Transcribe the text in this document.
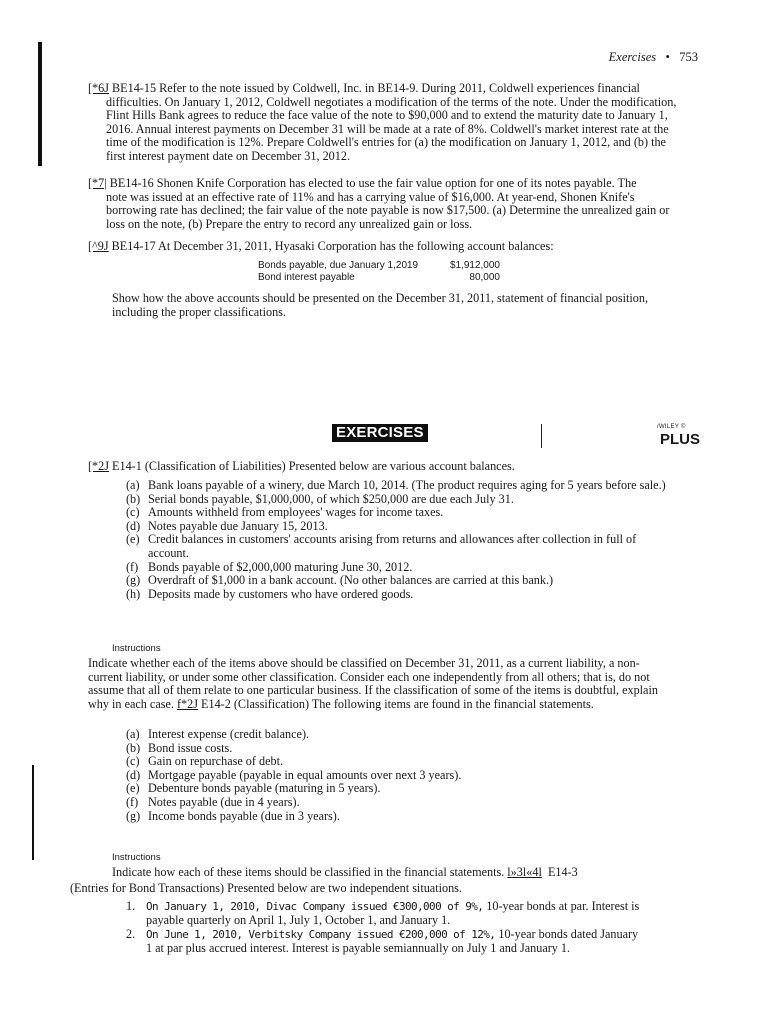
Exercises • 753
[*6J BE14-15 Refer to the note issued by Coldwell, Inc. in BE14-9. During 2011, Coldwell experiences financial
difficulties. On January 1, 2012, Coldwell negotiates a modification of the terms of the note. Under the modification, Flint Hills Bank agrees to reduce the face value of the note to $90,000 and to extend the maturity date to January 1, 2016. Annual interest payments on December 31 will be made at a rate of 8%. Coldwell's market interest rate at the time of the modification is 12%. Prepare Coldwell's entries for (a) the modification on January 1, 2012, and (b) the first interest payment date on December 31, 2012.
[*7| BE14-16 Shonen Knife Corporation has elected to use the fair value option for one of its notes payable. The
note was issued at an effective rate of 11% and has a carrying value of $16,000. At year-end, Shonen Knife's borrowing rate has declined; the fair value of the note payable is now $17,500. (a) Determine the unrealized gain or loss on the note, (b) Prepare the entry to record any unrealized gain or loss.
[^9J BE14-17 At December 31, 2011, Hyasaki Corporation has the following account balances:
Bonds payable, due January 1,2019	$1,912,000
Bond interest payable	80,000
Show how the above accounts should be presented on the December 31, 2011, statement of financial position, including the proper classifications.
EXERCISES	/WILEY ©
PLUS
[*2J E14-1 (Classification of Liabilities) Presented below are various account balances.
(a) Bank loans payable of a winery, due March 10, 2014. (The product requires aging for 5 years before sale.)
(b) Serial bonds payable, $1,000,000, of which $250,000 are due each July 31.
(c) Amounts withheld from employees' wages for income taxes.
(d) Notes payable due January 15, 2013.
(e) Credit balances in customers' accounts arising from returns and allowances after collection in full of account.
(f) Bonds payable of $2,000,000 maturing June 30, 2012.
(g) Overdraft of $1,000 in a bank account. (No other balances are carried at this bank.)
(h) Deposits made by customers who have ordered goods.
Instructions
Indicate whether each of the items above should be classified on December 31, 2011, as a current liability, a non-current liability, or under some other classification. Consider each one independently from all others; that is, do not assume that all of them relate to one particular business. If the classification of some of the items is doubtful, explain why in each case. f*2J E14-2 (Classification) The following items are found in the financial statements.
(a) Interest expense (credit balance).
(b) Bond issue costs.
(c) Gain on repurchase of debt.
(d) Mortgage payable (payable in equal amounts over next 3 years).
(e) Debenture bonds payable (maturing in 5 years).
(f) Notes payable (due in 4 years).
(g) Income bonds payable (due in 3 years).
Instructions
Indicate how each of these items should be classified in the financial statements. l»3l«4l E14-3
(Entries for Bond Transactions) Presented below are two independent situations.
1. On January 1, 2010, Divac Company issued €300,000 of 9%, 10-year bonds at par. Interest is payable quarterly on April 1, July 1, October 1, and January 1.
2. On June 1, 2010, Verbitsky Company issued €200,000 of 12%, 10-year bonds dated January 1 at par plus accrued interest. Interest is payable semiannually on July 1 and January 1.
